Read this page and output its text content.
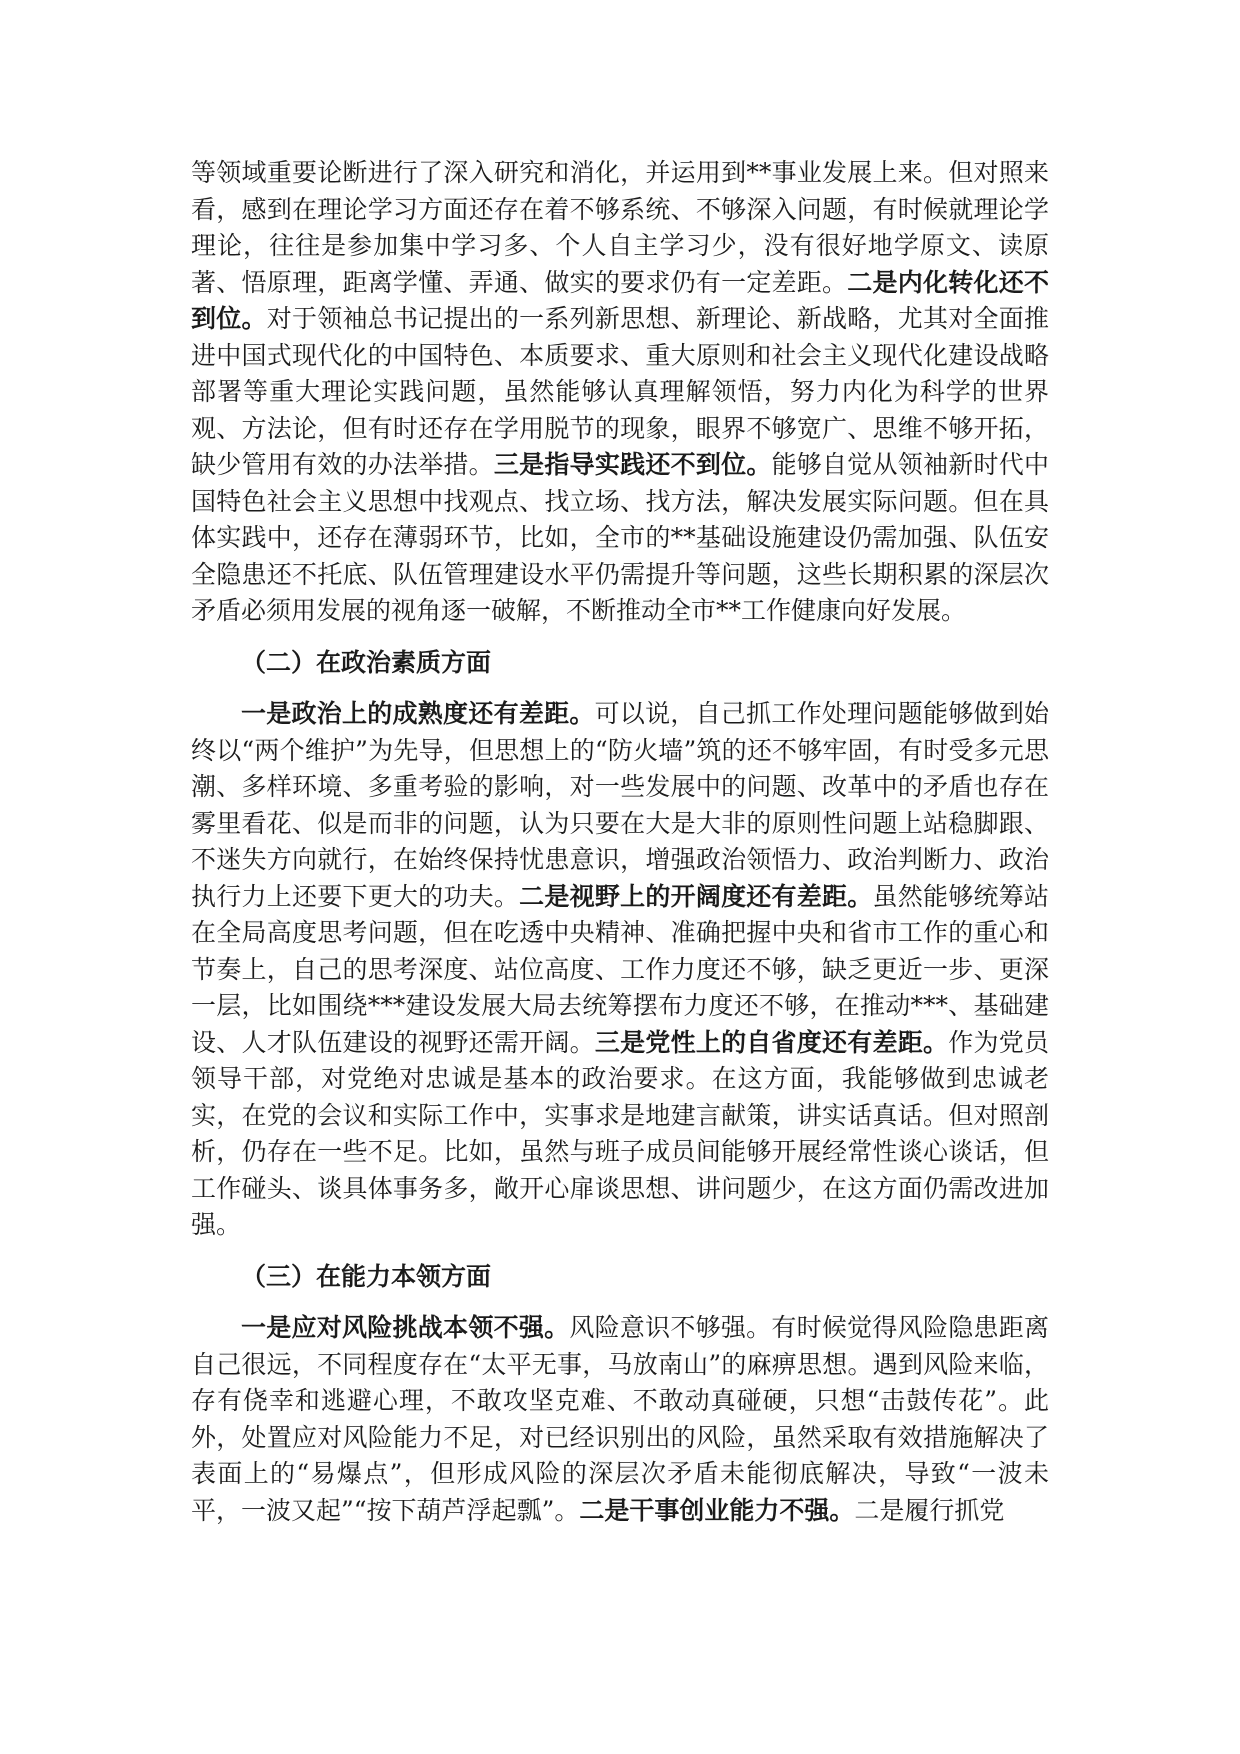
等领域重要论断进行了深入研究和消化，并运用到**事业发展上来。但对照来看，感到在理论学习方面还存在着不够系统、不够深入问题，有时候就理论学理论，往往是参加集中学习多、个人自主学习少，没有很好地学原文、读原著、悟原理，距离学懂、弄通、做实的要求仍有一定差距。二是内化转化还不到位。对于领袖总书记提出的一系列新思想、新理论、新战略，尤其对全面推进中国式现代化的中国特色、本质要求、重大原则和社会主义现代化建设战略部署等重大理论实践问题，虽然能够认真理解领悟，努力内化为科学的世界观、方法论，但有时还存在学用脱节的现象，眼界不够宽广、思维不够开拓，缺少管用有效的办法举措。三是指导实践还不到位。能够自觉从领袖新时代中国特色社会主义思想中找观点、找立场、找方法，解决发展实际问题。但在具体实践中，还存在薄弱环节，比如，全市的**基础设施建设仍需加强、队伍安全隐患还不托底、队伍管理建设水平仍需提升等问题，这些长期积累的深层次矛盾必须用发展的视角逐一破解，不断推动全市**工作健康向好发展。

（二）在政治素质方面

一是政治上的成熟度还有差距。可以说，自己抓工作处理问题能够做到始终以“两个维护”为先导，但思想上的“防火墙”筑的还不够牢固，有时受多元思潮、多样环境、多重考验的影响，对一些发展中的问题、改革中的矛盾也存在雾里看花、似是而非的问题，认为只要在大是大非的原则性问题上站稳脚跟、不迷失方向就行，在始终保持忧患意识，增强政治领悟力、政治判断力、政治执行力上还要下更大的功夫。二是视野上的开阔度还有差距。虽然能够统筹站在全局高度思考问题，但在吃透中央精神、准确把握中央和省市工作的重心和节奏上，自己的思考深度、站位高度、工作力度还不够，缺乏更近一步、更深一层，比如围绕***建设发展大局去统筹摆布力度还不够，在推动***、基础建设、人才队伍建设的视野还需开阔。三是党性上的自省度还有差距。作为党员领导干部，对党绝对忠诚是基本的政治要求。在这方面，我能够做到忠诚老实，在党的会议和实际工作中，实事求是地建言献策，讲实话真话。但对照剖析，仍存在一些不足。比如，虽然与班子成员间能够开展经常性谈心谈话，但工作碰头、谈具体事务多，敞开心扉谈思想、讲问题少，在这方面仍需改进加强。

（三）在能力本领方面

一是应对风险挑战本领不强。风险意识不够强。有时候觉得风险隐患距离自己很远，不同程度存在“太平无事，马放南山”的麻痹思想。遇到风险来临，存有侥幸和逃避心理，不敢攻坚克难、不敢动真碰硬，只想“击鼓传花”。此外，处置应对风险能力不足，对已经识别出的风险，虽然采取有效措施解决了表面上的“易爆点”，但形成风险的深层次矛盾未能彻底解决，导致“一波未平，一波又起”“按下葫芦浮起瓢”。二是干事创业能力不强。二是履行抓党
